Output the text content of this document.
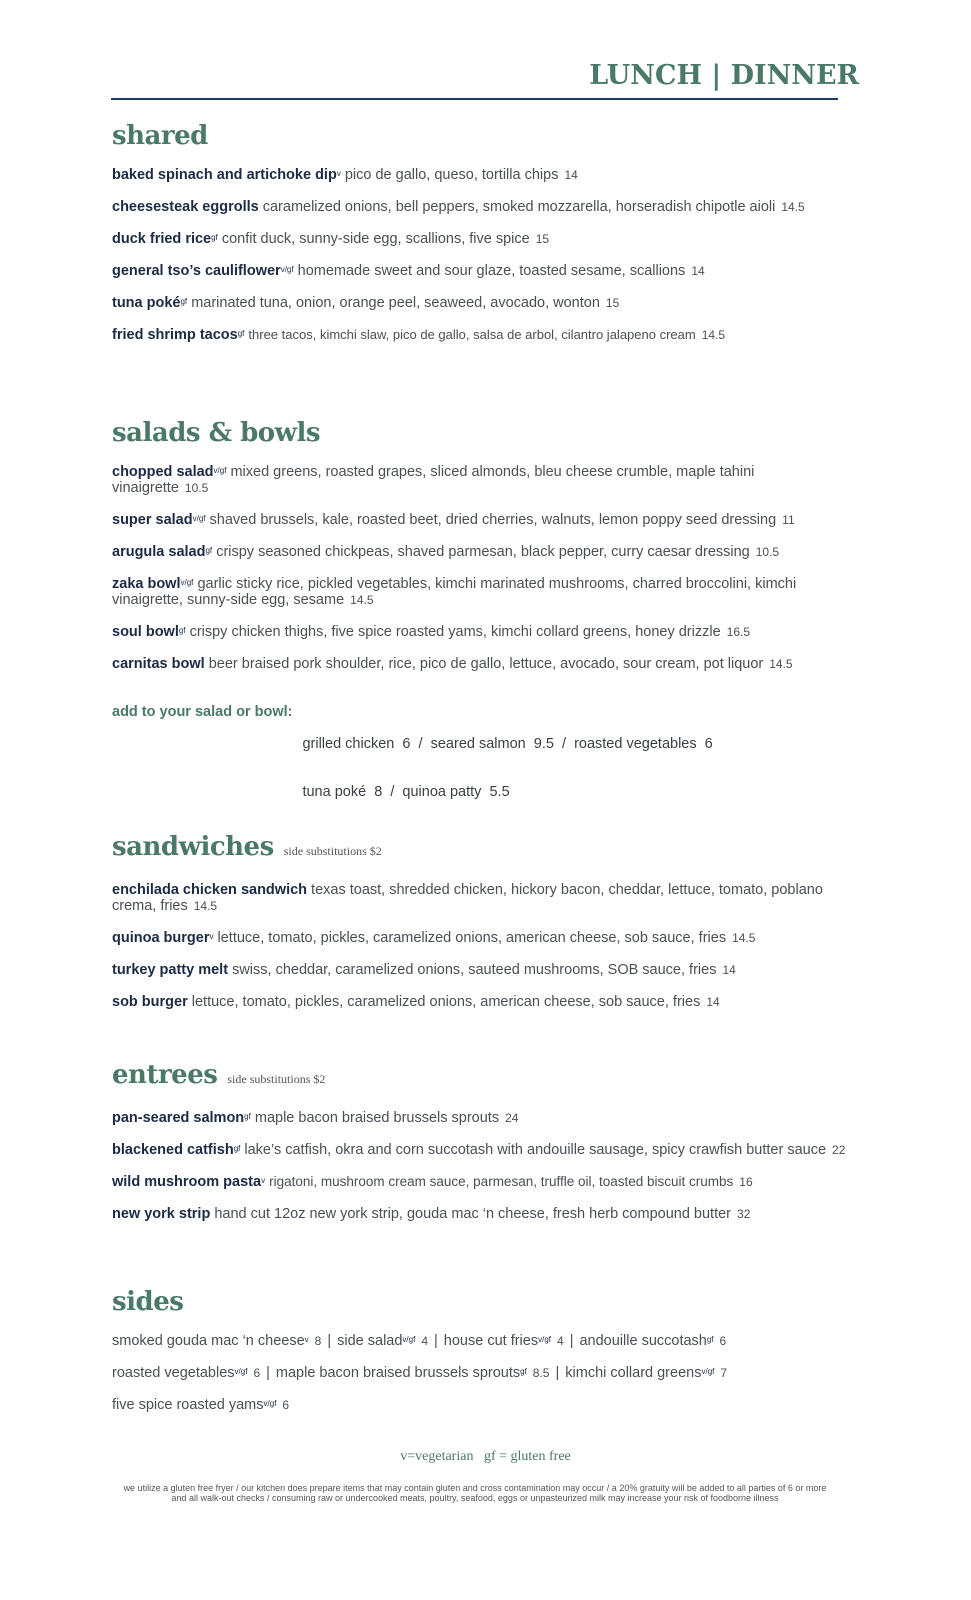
LUNCH | DINNER
shared
baked spinach and artichoke dip$^v$ pico de gallo, queso, tortilla chips 14
cheesesteak eggrolls caramelized onions, bell peppers, smoked mozzarella, horseradish chipotle aioli 14.5
duck fried rice$^{gf}$ confit duck, sunny-side egg, scallions, five spice 15
general tso’s cauliflower$^{v/gf}$ homemade sweet and sour glaze, toasted sesame, scallions 14
tuna poké$^{gf}$ marinated tuna, onion, orange peel, seaweed, avocado, wonton 15
fried shrimp tacos$^{gf}$ three tacos, kimchi slaw, pico de gallo, salsa de arbol, cilantro jalapeno cream 14.5
salads & bowls
chopped salad$^{v/gf}$ mixed greens, roasted grapes, sliced almonds, bleu cheese crumble, maple tahini vinaigrette 10.5
super salad$^{v/gf}$ shaved brussels, kale, roasted beet, dried cherries, walnuts, lemon poppy seed dressing 11
arugula salad$^{gf}$ crispy seasoned chickpeas, shaved parmesan, black pepper, curry caesar dressing 10.5
zaka bowl$^{v/gf}$ garlic sticky rice, pickled vegetables, kimchi marinated mushrooms, charred broccolini, kimchi vinaigrette, sunny-side egg, sesame 14.5
soul bowl$^{gf}$ crispy chicken thighs, five spice roasted yams, kimchi collard greens, honey drizzle 16.5
carnitas bowl beer braised pork shoulder, rice, pico de gallo, lettuce, avocado, sour cream, pot liquor 14.5
add to your salad or bowl:

grilled chicken  6  /  seared salmon  9.5  /  roasted vegetables  6

tuna poké  8  /  quinoa patty  5.5

sandwiches side substitutions $2
enchilada chicken sandwich texas toast, shredded chicken, hickory bacon, cheddar, lettuce, tomato, poblano crema, fries 14.5
quinoa burger$^v$ lettuce, tomato, pickles, caramelized onions, american cheese, sob sauce, fries 14.5
turkey patty melt swiss, cheddar, caramelized onions, sauteed mushrooms, SOB sauce, fries 14
sob burger lettuce, tomato, pickles, caramelized onions, american cheese, sob sauce, fries 14
entrees side substitutions $2
pan-seared salmon$^{gf}$ maple bacon braised brussels sprouts 24
blackened catfish$^{gf}$ lake’s catfish, okra and corn succotash with andouille sausage, spicy crawfish butter sauce 22
wild mushroom pasta$^v$ rigatoni, mushroom cream sauce, parmesan, truffle oil, toasted biscuit crumbs 16
new york strip hand cut 12oz new york strip, gouda mac ‘n cheese, fresh herb compound butter 32
sides
smoked gouda mac ‘n cheese$^v$ 8 | side salad$^{v/gf}$ 4 | house cut fries$^{v/gf}$ 4 | andouille succotash$^{gf}$ 6
roasted vegetables$^{v/gf}$ 6 | maple bacon braised brussels sprouts$^{gf}$ 8.5 | kimchi collard greens$^{v/gf}$ 7
five spice roasted yams$^{v/gf}$ 6
v=vegetarian   gf = gluten free
we utilize a gluten free fryer / our kitchen does prepare items that may contain gluten and cross contamination may occur / a 20% gratuity will be added to all parties of 6 or more and all walk-out checks / consuming raw or undercooked meats, poultry, seafood, eggs or unpasteurized milk may increase your risk of foodborne illness
